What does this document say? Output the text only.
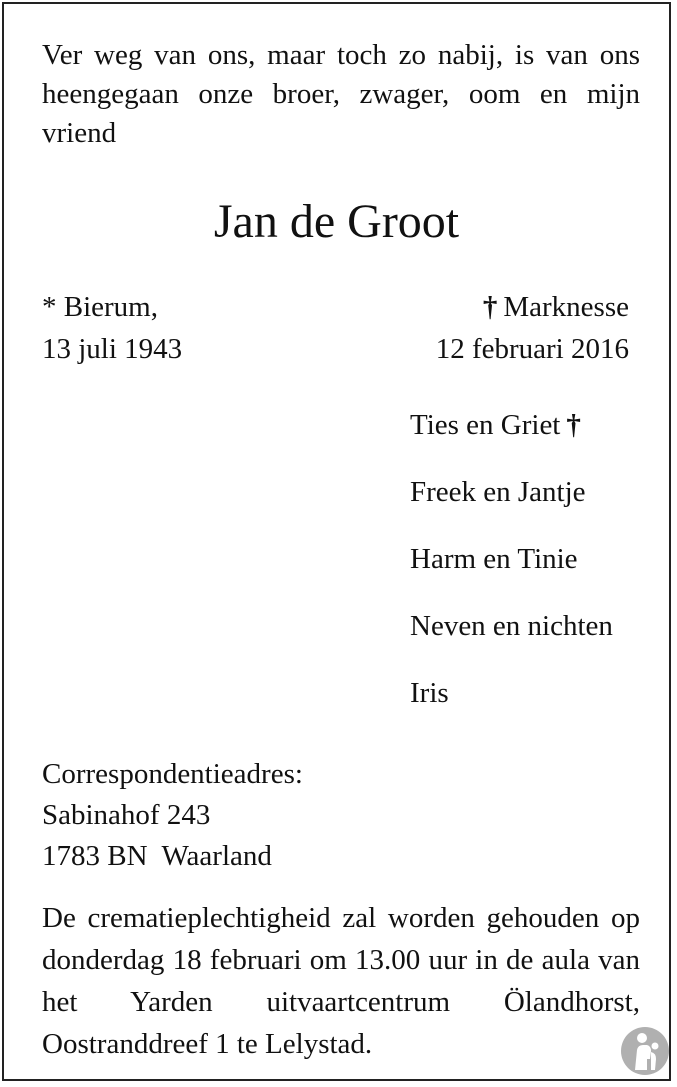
Ver weg van ons, maar toch zo nabij, is van ons heengegaan onze broer, zwager, oom en mijn vriend
Jan de Groot
* Bierum,
13 juli 1943
† Marknesse
12 februari 2016
Ties en Griet †
Freek en Jantje
Harm en Tinie
Neven en nichten
Iris
Correspondentieadres:
Sabinahof 243
1783 BN  Waarland
De crematieplechtigheid zal worden gehouden op donderdag 18 februari om 13.00 uur in de aula van het Yarden uitvaartcentrum Ölandhorst, Oostranddreef 1 te Lelystad.
